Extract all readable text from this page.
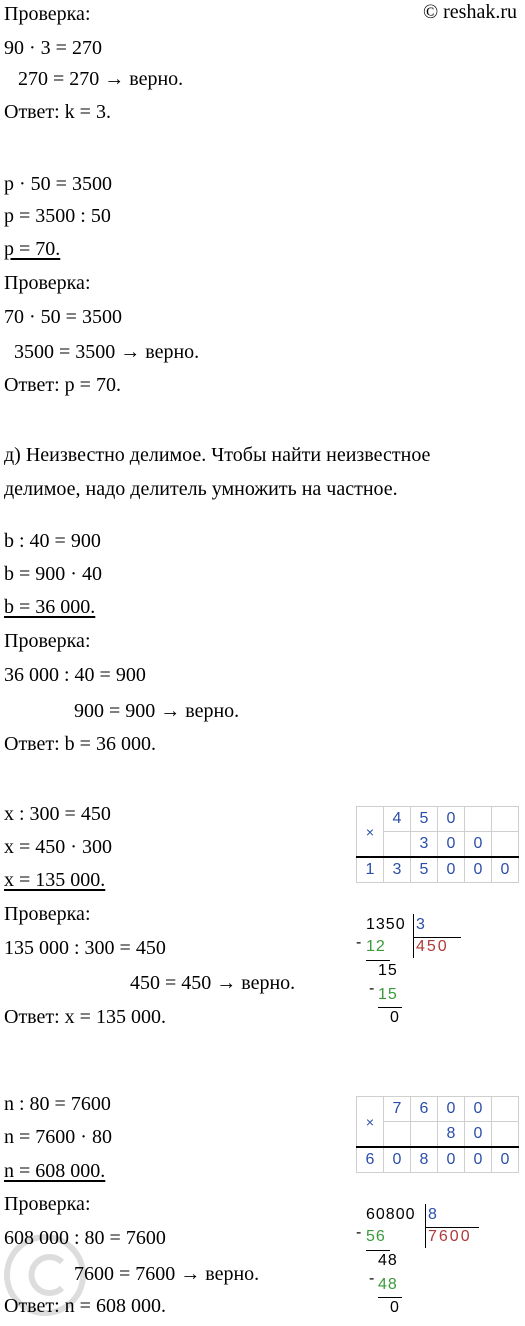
© reshak.ru
Проверка:
90 · 3 = 270
270 = 270 → верно.
Ответ: k = 3.
p · 50 = 3500
p = 3500 : 50
p = 70.
Проверка:
70 · 50 = 3500
3500 = 3500 → верно.
Ответ: p = 70.
д) Неизвестно делимое. Чтобы найти неизвестное
делимое, надо делитель умножить на частное.
b : 40 = 900
b = 900 · 40
b = 36 000.
Проверка:
36 000 : 40 = 900
900 = 900 → верно.
Ответ: b = 36 000.
x : 300 = 450
x = 450 · 300
x = 135 000.
Проверка:
135 000 : 300 = 450
450 = 450 → верно.
Ответ: x = 135 000.
×	4	5	0		
		3	0	0	
1	3	5	0	0	0
-
1350 3
12 450
15
- 15
0
n : 80 = 7600
n = 7600 · 80
n = 608 000.
Проверка:
608 000 : 80 = 7600
7600 = 7600 → верно.
Ответ: n = 608 000.
×	7	6	0	0	
			8	0	
6	0	8	0	0	0
-
60800 8
56	7600
48
- 48
0
